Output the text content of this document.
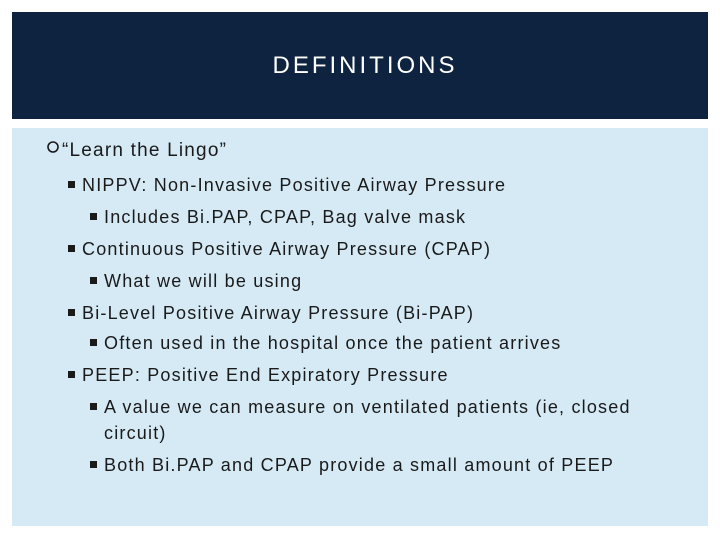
DEFINITIONS
“Learn the Lingo”
NIPPV: Non-Invasive Positive Airway Pressure
Includes Bi.PAP, CPAP, Bag valve mask
Continuous Positive Airway Pressure (CPAP)
What we will be using
Bi-Level Positive Airway Pressure (Bi-PAP)
Often used in the hospital once the patient arrives
PEEP: Positive End Expiratory Pressure
A value we can measure on ventilated patients (ie, closed circuit)
Both Bi.PAP and CPAP provide a small amount of PEEP
